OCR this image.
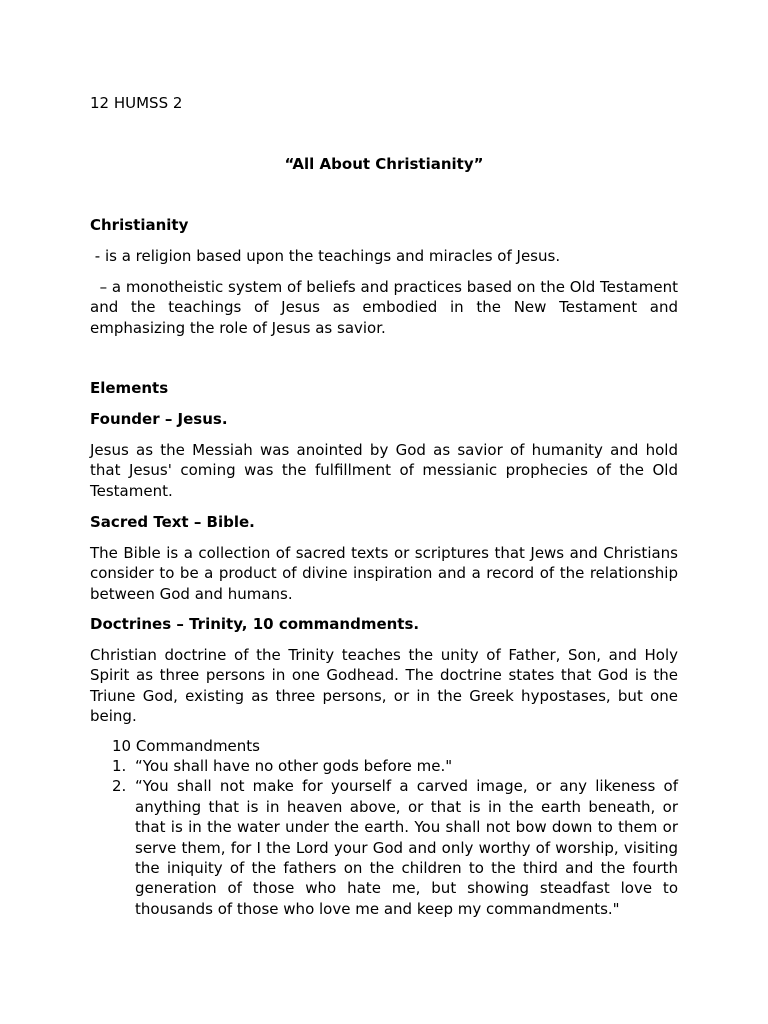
12 HUMSS 2

“All About Christianity”

Christianity

- is a religion based upon the teachings and miracles of Jesus.

– a monotheistic system of beliefs and practices based on the Old Testament and the teachings of Jesus as embodied in the New Testament and emphasizing the role of Jesus as savior.

Elements

Founder – Jesus.

Jesus as the Messiah was anointed by God as savior of humanity and hold that Jesus' coming was the fulfillment of messianic prophecies of the Old Testament.

Sacred Text – Bible.

The Bible is a collection of sacred texts or scriptures that Jews and Christians consider to be a product of divine inspiration and a record of the relationship between God and humans.

Doctrines – Trinity, 10 commandments.

Christian doctrine of the Trinity teaches the unity of Father, Son, and Holy Spirit as three persons in one Godhead. The doctrine states that God is the Triune God, existing as three persons, or in the Greek hypostases, but one being.

10 Commandments

1. “You shall have no other gods before me."
2. “You shall not make for yourself a carved image, or any likeness of anything that is in heaven above, or that is in the earth beneath, or that is in the water under the earth. You shall not bow down to them or serve them, for I the Lord your God and only worthy of worship, visiting the iniquity of the fathers on the children to the third and the fourth generation of those who hate me, but showing steadfast love to thousands of those who love me and keep my commandments."
